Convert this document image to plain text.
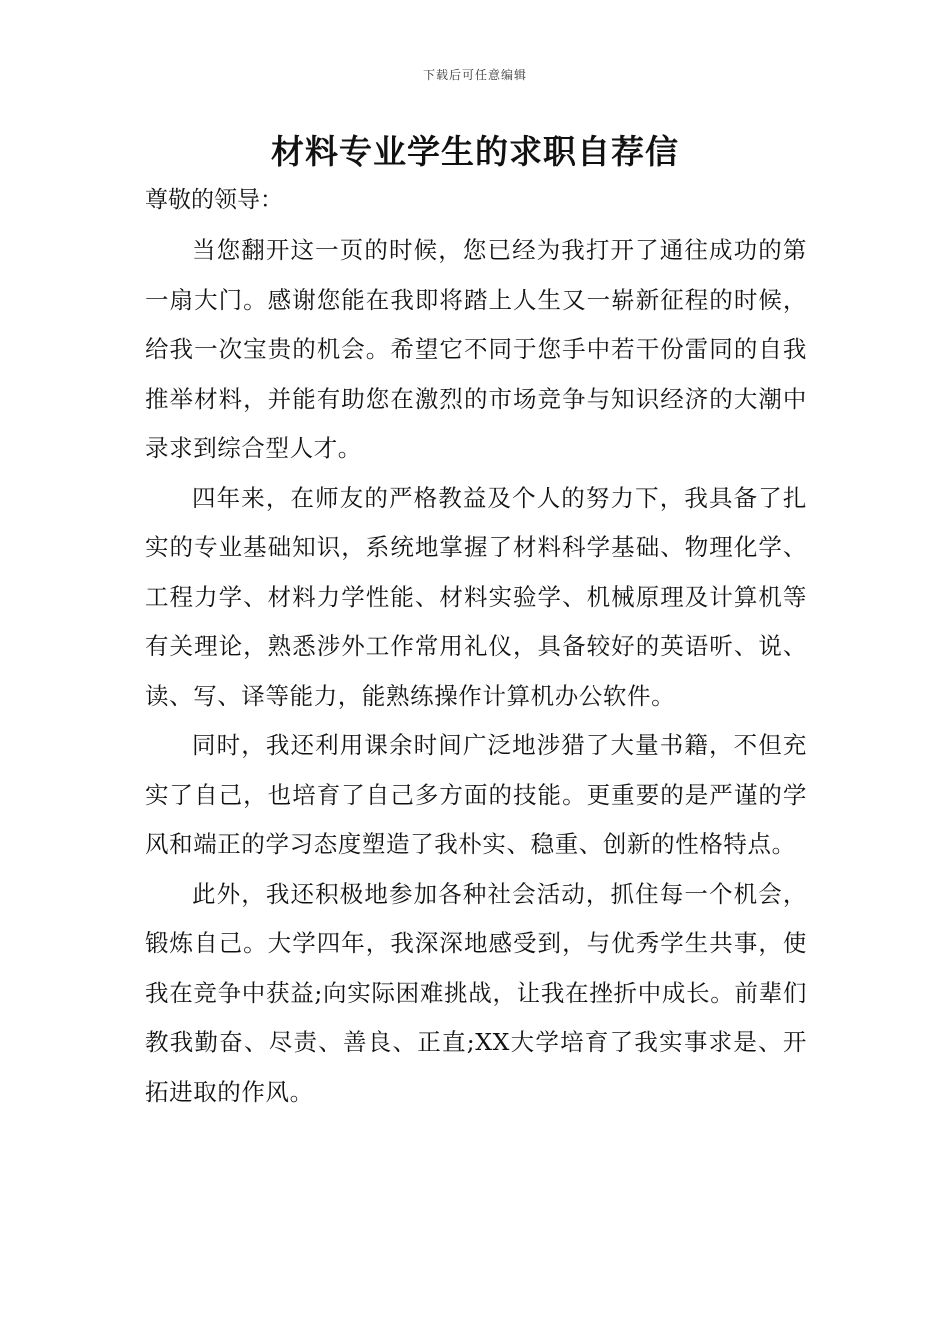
下载后可任意编辑
材料专业学生的求职自荐信

尊敬的领导：

当您翻开这一页的时候，您已经为我打开了通往成功的第一扇大门。感谢您能在我即将踏上人生又一崭新征程的时候，给我一次宝贵的机会。希望它不同于您手中若干份雷同的自我推举材料，并能有助您在激烈的市场竞争与知识经济的大潮中录求到综合型人才。

四年来，在师友的严格教益及个人的努力下，我具备了扎实的专业基础知识，系统地掌握了材料科学基础、物理化学、工程力学、材料力学性能、材料实验学、机械原理及计算机等有关理论，熟悉涉外工作常用礼仪，具备较好的英语听、说、读、写、译等能力，能熟练操作计算机办公软件。

同时，我还利用课余时间广泛地涉猎了大量书籍，不但充实了自己，也培育了自己多方面的技能。更重要的是严谨的学风和端正的学习态度塑造了我朴实、稳重、创新的性格特点。

此外，我还积极地参加各种社会活动，抓住每一个机会，锻炼自己。大学四年，我深深地感受到，与优秀学生共事，使我在竞争中获益;向实际困难挑战，让我在挫折中成长。前辈们教我勤奋、尽责、善良、正直;XX大学培育了我实事求是、开拓进取的作风。
